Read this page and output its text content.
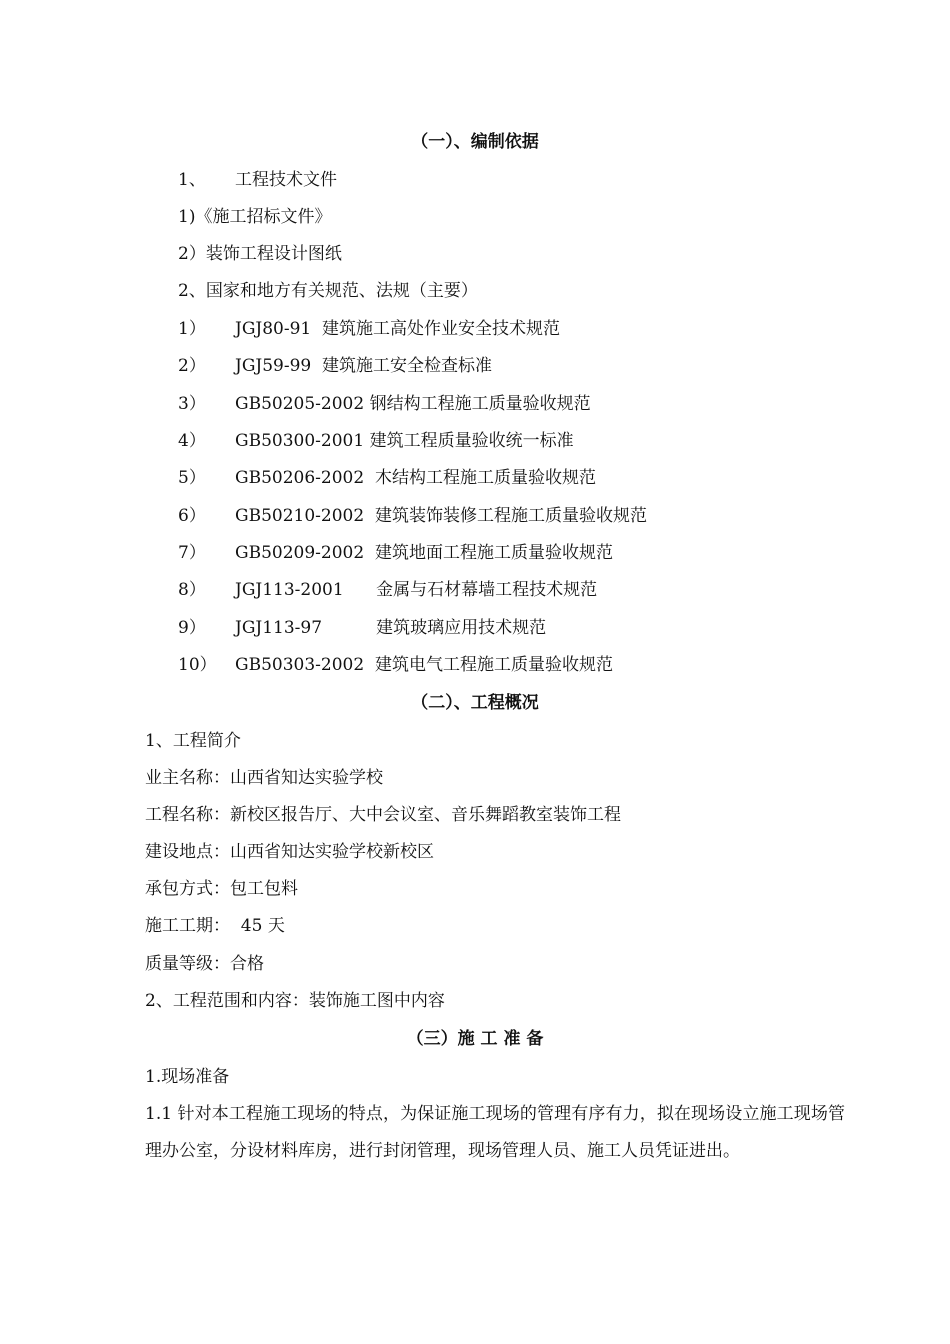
（一）、编制依据
1、 工程技术文件
1)《施工招标文件》
2）装饰工程设计图纸
2、国家和地方有关规范、法规（主要）
1） JGJ80-91  建筑施工高处作业安全技术规范
2） JGJ59-99  建筑施工安全检查标准
3） GB50205-2002 钢结构工程施工质量验收规范
4） GB50300-2001 建筑工程质量验收统一标准
5） GB50206-2002  木结构工程施工质量验收规范
6） GB50210-2002  建筑装饰装修工程施工质量验收规范
7） GB50209-2002  建筑地面工程施工质量验收规范
8） JGJ113-2001      金属与石材幕墙工程技术规范
9） JGJ113-97          建筑玻璃应用技术规范
10） GB50303-2002  建筑电气工程施工质量验收规范
（二）、工程概况
1、工程简介
业主名称：山西省知达实验学校
工程名称：新校区报告厅、大中会议室、音乐舞蹈教室装饰工程
建设地点：山西省知达实验学校新校区
承包方式：包工包料
施工工期：  45 天
质量等级：合格
2、工程范围和内容：装饰施工图中内容
（三）施 工 准 备
1.现场准备
1.1 针对本工程施工现场的特点，为保证施工现场的管理有序有力，拟在现场设立施工现场管理办公室，分设材料库房，进行封闭管理，现场管理人员、施工人员凭证进出。
